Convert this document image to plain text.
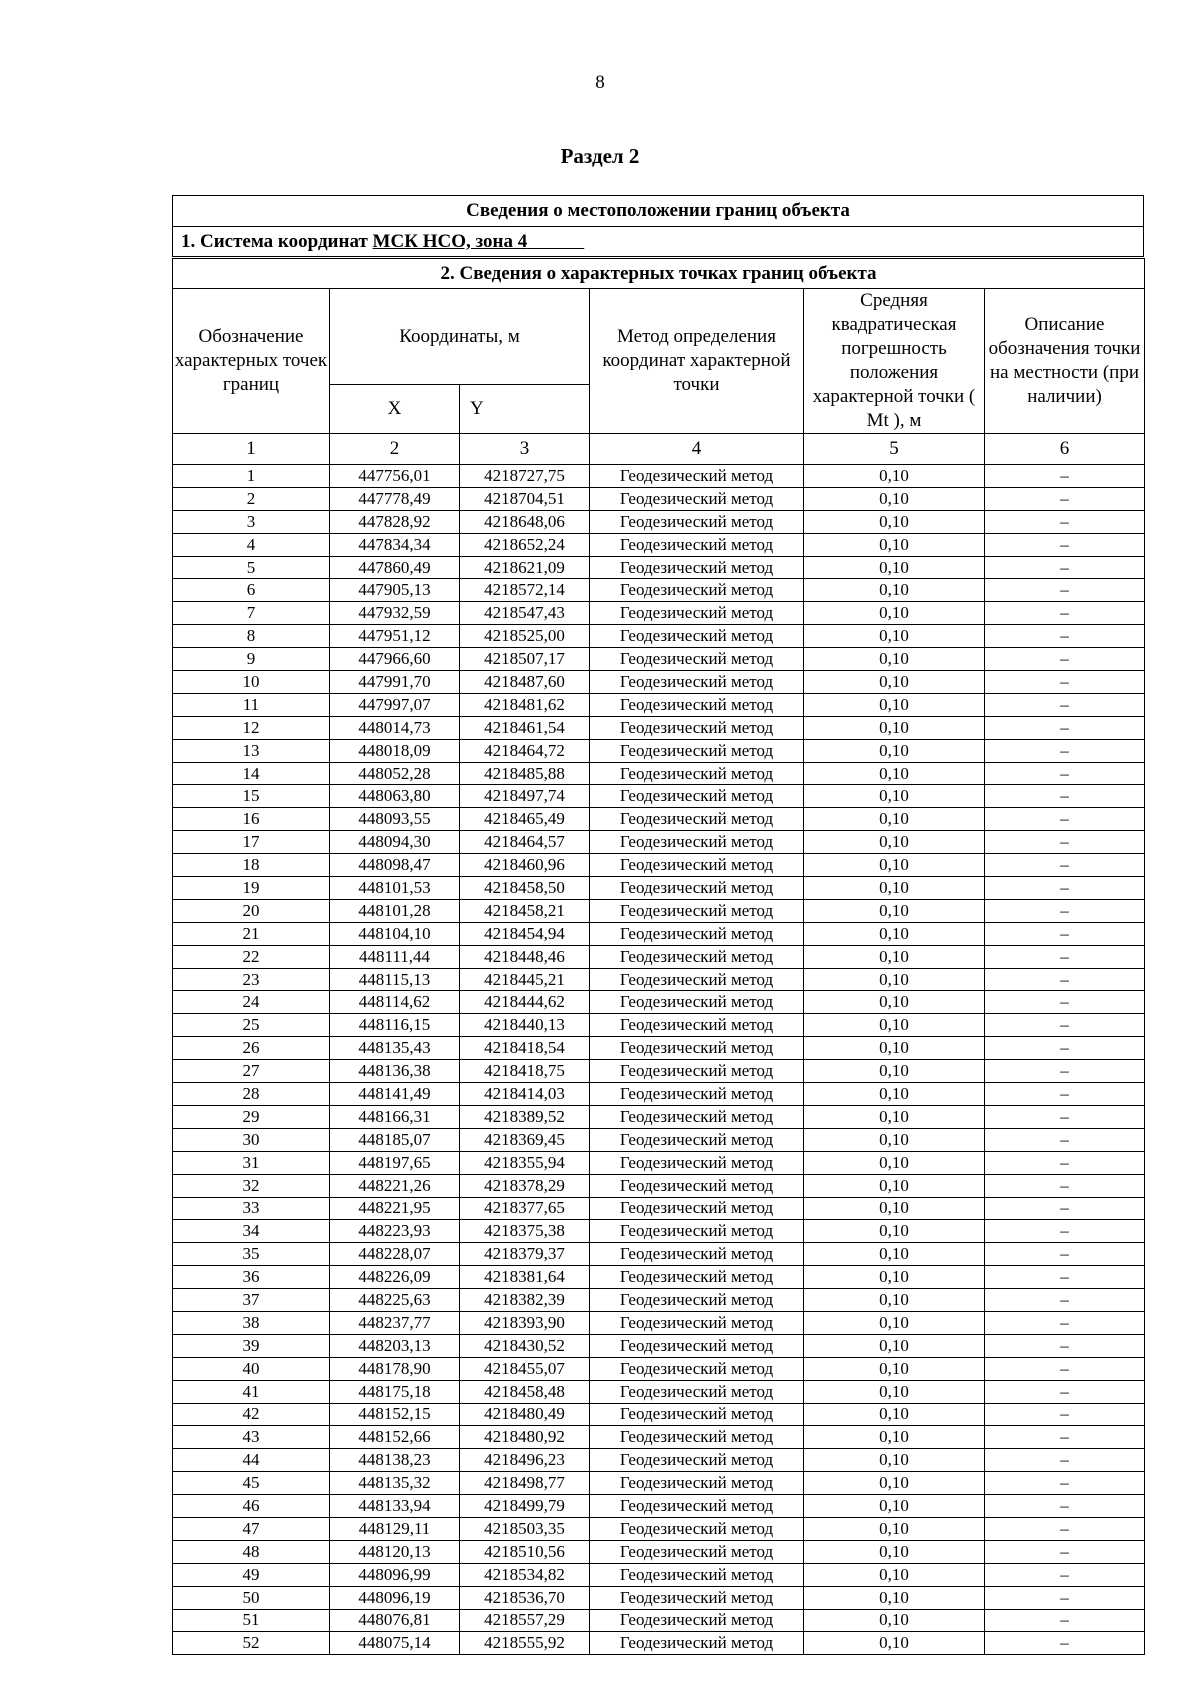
8
Раздел 2
Сведения о местоположении границ объекта
1. Система координат МСК НСО, зона 4
2. Сведения о характерных точках границ объекта					
Обозначение характерных точек границ	Координаты, м		Метод определения координат характерной точки	Средняя квадратическая погрешность положения характерной точки ( Mt ), м	Описание обозначения точки на местности (при наличии)
	X	Y			
1	2	3	4	5	6
1	447756,01	4218727,75	Геодезический метод	0,10	–
2	447778,49	4218704,51	Геодезический метод	0,10	–
3	447828,92	4218648,06	Геодезический метод	0,10	–
4	447834,34	4218652,24	Геодезический метод	0,10	–
5	447860,49	4218621,09	Геодезический метод	0,10	–
6	447905,13	4218572,14	Геодезический метод	0,10	–
7	447932,59	4218547,43	Геодезический метод	0,10	–
8	447951,12	4218525,00	Геодезический метод	0,10	–
9	447966,60	4218507,17	Геодезический метод	0,10	–
10	447991,70	4218487,60	Геодезический метод	0,10	–
11	447997,07	4218481,62	Геодезический метод	0,10	–
12	448014,73	4218461,54	Геодезический метод	0,10	–
13	448018,09	4218464,72	Геодезический метод	0,10	–
14	448052,28	4218485,88	Геодезический метод	0,10	–
15	448063,80	4218497,74	Геодезический метод	0,10	–
16	448093,55	4218465,49	Геодезический метод	0,10	–
17	448094,30	4218464,57	Геодезический метод	0,10	–
18	448098,47	4218460,96	Геодезический метод	0,10	–
19	448101,53	4218458,50	Геодезический метод	0,10	–
20	448101,28	4218458,21	Геодезический метод	0,10	–
21	448104,10	4218454,94	Геодезический метод	0,10	–
22	448111,44	4218448,46	Геодезический метод	0,10	–
23	448115,13	4218445,21	Геодезический метод	0,10	–
24	448114,62	4218444,62	Геодезический метод	0,10	–
25	448116,15	4218440,13	Геодезический метод	0,10	–
26	448135,43	4218418,54	Геодезический метод	0,10	–
27	448136,38	4218418,75	Геодезический метод	0,10	–
28	448141,49	4218414,03	Геодезический метод	0,10	–
29	448166,31	4218389,52	Геодезический метод	0,10	–
30	448185,07	4218369,45	Геодезический метод	0,10	–
31	448197,65	4218355,94	Геодезический метод	0,10	–
32	448221,26	4218378,29	Геодезический метод	0,10	–
33	448221,95	4218377,65	Геодезический метод	0,10	–
34	448223,93	4218375,38	Геодезический метод	0,10	–
35	448228,07	4218379,37	Геодезический метод	0,10	–
36	448226,09	4218381,64	Геодезический метод	0,10	–
37	448225,63	4218382,39	Геодезический метод	0,10	–
38	448237,77	4218393,90	Геодезический метод	0,10	–
39	448203,13	4218430,52	Геодезический метод	0,10	–
40	448178,90	4218455,07	Геодезический метод	0,10	–
41	448175,18	4218458,48	Геодезический метод	0,10	–
42	448152,15	4218480,49	Геодезический метод	0,10	–
43	448152,66	4218480,92	Геодезический метод	0,10	–
44	448138,23	4218496,23	Геодезический метод	0,10	–
45	448135,32	4218498,77	Геодезический метод	0,10	–
46	448133,94	4218499,79	Геодезический метод	0,10	–
47	448129,11	4218503,35	Геодезический метод	0,10	–
48	448120,13	4218510,56	Геодезический метод	0,10	–
49	448096,99	4218534,82	Геодезический метод	0,10	–
50	448096,19	4218536,70	Геодезический метод	0,10	–
51	448076,81	4218557,29	Геодезический метод	0,10	–
52	448075,14	4218555,92	Геодезический метод	0,10	–
